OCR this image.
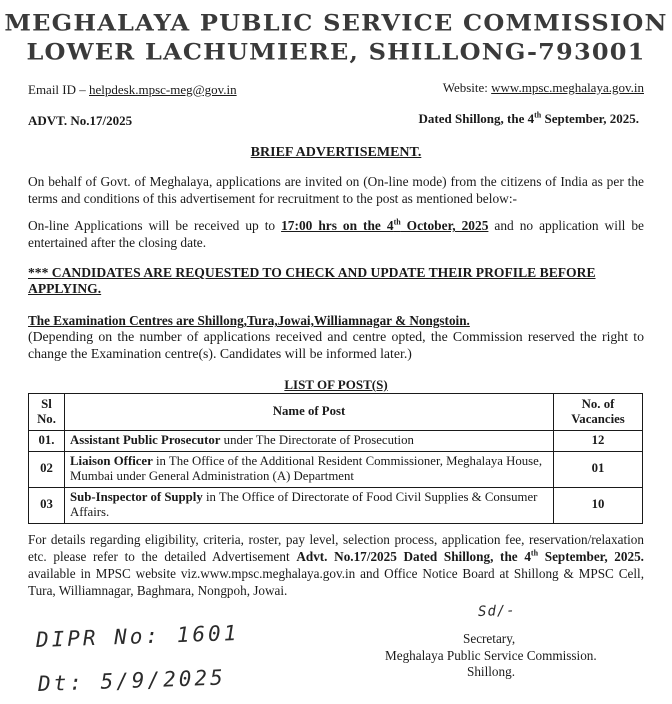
MEGHALAYA PUBLIC SERVICE COMMISSION
LOWER LACHUMIERE, SHILLONG-793001
Email ID – helpdesk.mpsc-meg@gov.in	Website: www.mpsc.meghalaya.gov.in
ADVT. No.17/2025	Dated Shillong, the 4th September, 2025.
BRIEF ADVERTISEMENT.
On behalf of Govt. of Meghalaya, applications are invited on (On-line mode) from the citizens of India as per the terms and conditions of this advertisement for recruitment to the post as mentioned below:-
On-line Applications will be received up to 17:00 hrs on the 4th October, 2025 and no application will be entertained after the closing date.
*** CANDIDATES ARE REQUESTED TO CHECK AND UPDATE THEIR PROFILE BEFORE APPLYING.
The Examination Centres are Shillong,Tura,Jowai,Williamnagar & Nongstoin.
(Depending on the number of applications received and centre opted, the Commission reserved the right to change the Examination centre(s). Candidates will be informed later.)
LIST OF POST(S)
Sl No.	Name of Post	No. of Vacancies
01.	Assistant Public Prosecutor under The Directorate of Prosecution	12
02	Liaison Officer in The Office of the Additional Resident Commissioner, Meghalaya House, Mumbai under General Administration (A) Department	01
03	Sub-Inspector of Supply in The Office of Directorate of Food Civil Supplies & Consumer Affairs.	10
For details regarding eligibility, criteria, roster, pay level, selection process, application fee, reservation/relaxation etc. please refer to the detailed Advertisement Advt. No.17/2025 Dated Shillong, the 4th September, 2025. available in MPSC website viz.www.mpsc.meghalaya.gov.in and Office Notice Board at Shillong & MPSC Cell, Tura, Williamnagar, Baghmara, Nongpoh, Jowai.
Sd/-
Secretary,
Meghalaya Public Service Commission.
Shillong.
DIPR No: 1601
Dt: 5/9/2025
